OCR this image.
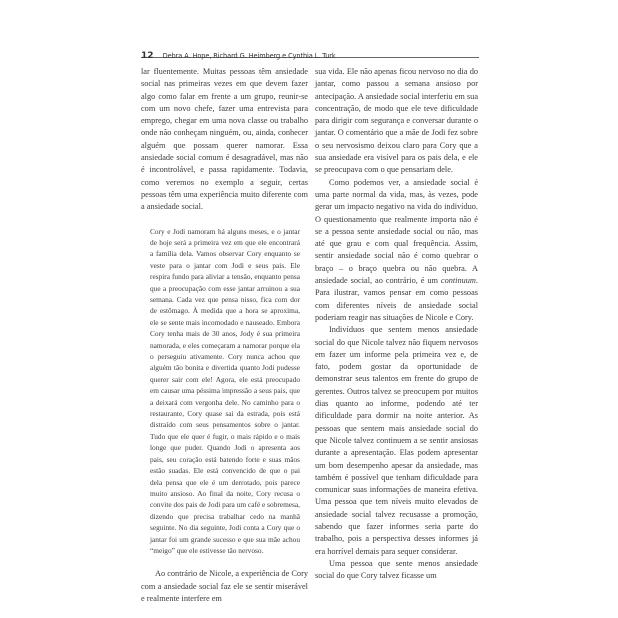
12 Debra A. Hope, Richard G. Heimberg e Cynthia L. Turk

lar fluentemente. Muitas pessoas têm ansiedade social nas primeiras vezes em que devem fazer algo como falar em frente a um grupo, reunir-se com um novo chefe, fazer uma entrevista para emprego, chegar em uma nova classe ou trabalho onde não conheçam ninguém, ou, ainda, conhecer alguém que possam querer namorar. Essa ansiedade social comum é desagradável, mas não é incontrolável, e passa rapidamente. Todavia, como veremos no exemplo a seguir, certas pessoas têm uma experiência muito diferente com a ansiedade social.

Cory e Jodi namoram há alguns meses, e o jantar de hoje será a primeira vez em que ele encontrará a família dela. Vamos observar Cory enquanto se veste para o jantar com Jodi e seus pais. Ele respira fundo para aliviar a tensão, enquanto pensa que a preocupação com esse jantar arruinou a sua semana. Cada vez que pensa nisso, fica com dor de estômago. À medida que a hora se aproxima, ele se sente mais incomodado e nauseado. Embora Cory tenha mais de 30 anos, Jody é sua primeira namorada, e eles começaram a namorar porque ela o perseguiu ativamente. Cory nunca achou que alguém tão bonita e divertida quanto Jodi pudesse querer sair com ele! Agora, ele está preocupado em causar uma péssima impressão a seus pais, que a deixará com vergonha dele. No caminho para o restaurante, Cory quase sai da estrada, pois está distraído com seus pensamentos sobre o jantar. Tudo que ele quer é fugir, o mais rápido e o mais longe que puder. Quando Jodi o apresenta aos pais, seu coração está batendo forte e suas mãos estão suadas. Ele está convencido de que o pai dela pensa que ele é um derrotado, pois parece muito ansioso. Ao final da noite, Cory recusa o convite dos pais de Jodi para um café e sobremesa, dizendo que precisa trabalhar cedo na manhã seguinte. No dia seguinte, Jodi conta a Cory que o jantar foi um grande sucesso e que sua mãe achou “meigo” que ele estivesse tão nervoso.

Ao contrário de Nicole, a experiência de Cory com a ansiedade social faz ele se sentir miserável e realmente interfere em

sua vida. Ele não apenas ficou nervoso no dia do jantar, como passou a semana ansioso por antecipação. A ansiedade social interferiu em sua concentração, de modo que ele teve dificuldade para dirigir com segurança e conversar durante o jantar. O comentário que a mãe de Jodi fez sobre o seu nervosismo deixou claro para Cory que a sua ansiedade era visível para os pais dela, e ele se preocupava com o que pensariam dele.

Como podemos ver, a ansiedade social é uma parte normal da vida, mas, às vezes, pode gerar um impacto negativo na vida do indivíduo. O questionamento que realmente importa não é se a pessoa sente ansiedade social ou não, mas até que grau e com qual frequência. Assim, sentir ansiedade social não é como quebrar o braço – o braço quebra ou não quebra. A ansiedade social, ao contrário, é um continuum. Para ilustrar, vamos pensar em como pessoas com diferentes níveis de ansiedade social poderiam reagir nas situações de Nicole e Cory.

Indivíduos que sentem menos ansiedade social do que Nicole talvez não fiquem nervosos em fazer um informe pela primeira vez e, de fato, podem gostar da oportunidade de demonstrar seus talentos em frente do grupo de gerentes. Outros talvez se preocupem por muitos dias quanto ao informe, podendo até ter dificuldade para dormir na noite anterior. As pessoas que sentem mais ansiedade social do que Nicole talvez continuem a se sentir ansiosas durante a apresentação. Elas podem apresentar um bom desempenho apesar da ansiedade, mas também é possível que tenham dificuldade para comunicar suas informações de maneira efetiva. Uma pessoa que tem níveis muito elevados de ansiedade social talvez recusasse a promoção, sabendo que fazer informes seria parte do trabalho, pois a perspectiva desses informes já era horrível demais para sequer considerar.

Uma pessoa que sente menos ansiedade social do que Cory talvez ficasse um
